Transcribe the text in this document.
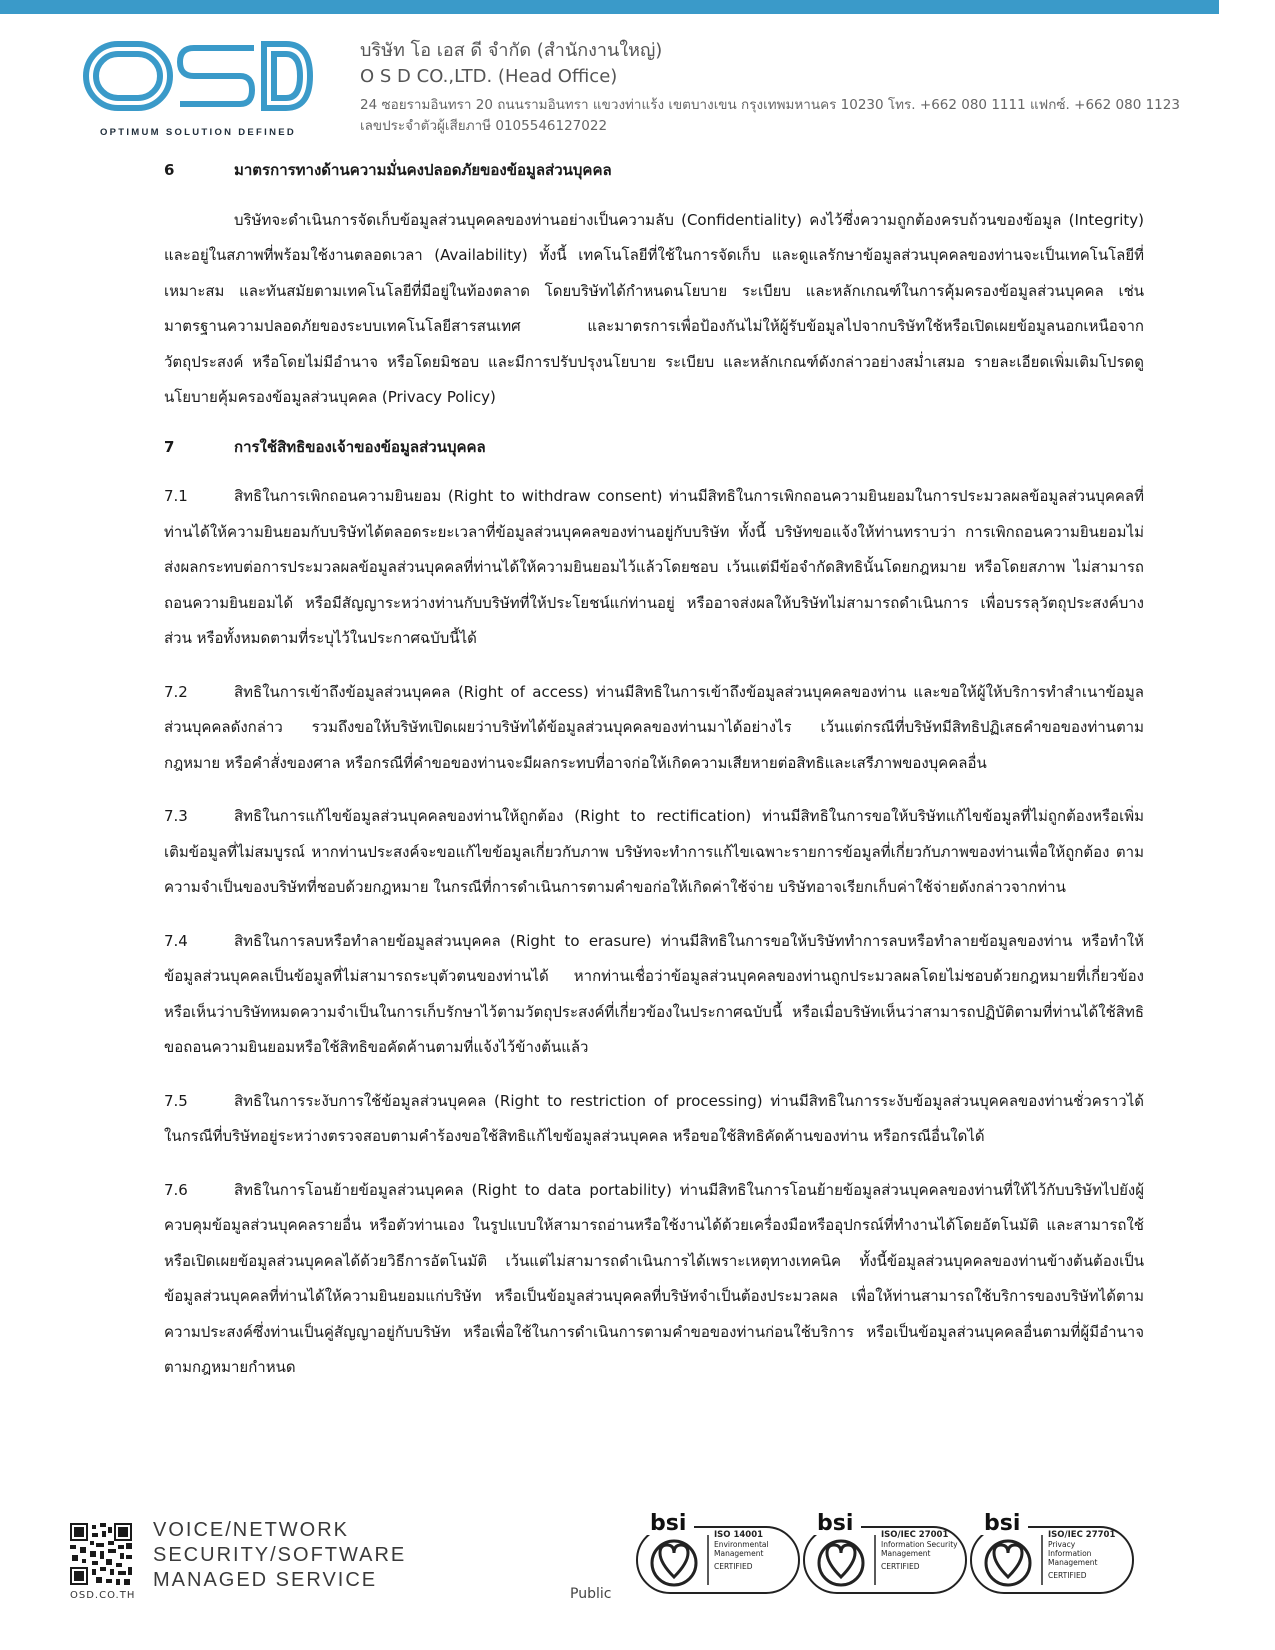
OPTIMUM SOLUTION DEFINED
บริษัท โอ เอส ดี จำกัด (สำนักงานใหญ่)
O S D CO.,LTD. (Head Office)
24 ซอยรามอินทรา 20 ถนนรามอินทรา แขวงท่าแร้ง เขตบางเขน กรุงเทพมหานคร 10230 โทร. +662 080 1111 แฟกซ์. +662 080 1123
เลขประจำตัวผู้เสียภาษี 0105546127022
6	มาตรการทางด้านความมั่นคงปลอดภัยของข้อมูลส่วนบุคคล

บริษัทจะดำเนินการจัดเก็บข้อมูลส่วนบุคคลของท่านอย่างเป็นความลับ (Confidentiality) คงไว้ซึ่งความถูกต้องครบถ้วนของข้อมูล (Integrity) และอยู่ในสภาพที่พร้อมใช้งานตลอดเวลา (Availability) ทั้งนี้ เทคโนโลยีที่ใช้ในการจัดเก็บ และดูแลรักษาข้อมูลส่วนบุคคลของท่านจะเป็นเทคโนโลยีที่เหมาะสม และทันสมัยตามเทคโนโลยีที่มีอยู่ในท้องตลาด โดยบริษัทได้กำหนดนโยบาย ระเบียบ และหลักเกณฑ์ในการคุ้มครองข้อมูลส่วนบุคคล เช่น มาตรฐานความปลอดภัยของระบบเทคโนโลยีสารสนเทศ และมาตรการเพื่อป้องกันไม่ให้ผู้รับข้อมูลไปจากบริษัทใช้หรือเปิดเผยข้อมูลนอกเหนือจากวัตถุประสงค์ หรือโดยไม่มีอำนาจ หรือโดยมิชอบ และมีการปรับปรุงนโยบาย ระเบียบ และหลักเกณฑ์ดังกล่าวอย่างสม่ำเสมอ รายละเอียดเพิ่มเติมโปรดดู นโยบายคุ้มครองข้อมูลส่วนบุคคล (Privacy Policy)

7	การใช้สิทธิของเจ้าของข้อมูลส่วนบุคคล
7.1	สิทธิในการเพิกถอนความยินยอม (Right to withdraw consent) ท่านมีสิทธิในการเพิกถอนความยินยอมในการประมวลผลข้อมูลส่วนบุคคลที่ท่านได้ให้ความยินยอมกับบริษัทได้ตลอดระยะเวลาที่ข้อมูลส่วนบุคคลของท่านอยู่กับบริษัท ทั้งนี้ บริษัทขอแจ้งให้ท่านทราบว่า การเพิกถอนความยินยอมไม่ส่งผลกระทบต่อการประมวลผลข้อมูลส่วนบุคคลที่ท่านได้ให้ความยินยอมไว้แล้วโดยชอบ เว้นแต่มีข้อจำกัดสิทธินั้นโดยกฎหมาย หรือโดยสภาพ ไม่สามารถถอนความยินยอมได้ หรือมีสัญญาระหว่างท่านกับบริษัทที่ให้ประโยชน์แก่ท่านอยู่ หรืออาจส่งผลให้บริษัทไม่สามารถดำเนินการ เพื่อบรรลุวัตถุประสงค์บางส่วน หรือทั้งหมดตามที่ระบุไว้ในประกาศฉบับนี้ได้

7.2	สิทธิในการเข้าถึงข้อมูลส่วนบุคคล (Right of access) ท่านมีสิทธิในการเข้าถึงข้อมูลส่วนบุคคลของท่าน และขอให้ผู้ให้บริการทำสำเนาข้อมูลส่วนบุคคลดังกล่าว รวมถึงขอให้บริษัทเปิดเผยว่าบริษัทได้ข้อมูลส่วนบุคคลของท่านมาได้อย่างไร เว้นแต่กรณีที่บริษัทมีสิทธิปฏิเสธคำขอของท่านตามกฎหมาย หรือคำสั่งของศาล หรือกรณีที่คำขอของท่านจะมีผลกระทบที่อาจก่อให้เกิดความเสียหายต่อสิทธิและเสรีภาพของบุคคลอื่น

7.3	สิทธิในการแก้ไขข้อมูลส่วนบุคคลของท่านให้ถูกต้อง (Right to rectification) ท่านมีสิทธิในการขอให้บริษัทแก้ไขข้อมูลที่ไม่ถูกต้องหรือเพิ่มเติมข้อมูลที่ไม่สมบูรณ์ หากท่านประสงค์จะขอแก้ไขข้อมูลเกี่ยวกับภาพ บริษัทจะทำการแก้ไขเฉพาะรายการข้อมูลที่เกี่ยวกับภาพของท่านเพื่อให้ถูกต้อง ตามความจำเป็นของบริษัทที่ชอบด้วยกฎหมาย ในกรณีที่การดำเนินการตามคำขอก่อให้เกิดค่าใช้จ่าย บริษัทอาจเรียกเก็บค่าใช้จ่ายดังกล่าวจากท่าน

7.4	สิทธิในการลบหรือทำลายข้อมูลส่วนบุคคล (Right to erasure) ท่านมีสิทธิในการขอให้บริษัททำการลบหรือทำลายข้อมูลของท่าน หรือทำให้ข้อมูลส่วนบุคคลเป็นข้อมูลที่ไม่สามารถระบุตัวตนของท่านได้ หากท่านเชื่อว่าข้อมูลส่วนบุคคลของท่านถูกประมวลผลโดยไม่ชอบด้วยกฎหมายที่เกี่ยวข้อง หรือเห็นว่าบริษัทหมดความจำเป็นในการเก็บรักษาไว้ตามวัตถุประสงค์ที่เกี่ยวข้องในประกาศฉบับนี้ หรือเมื่อบริษัทเห็นว่าสามารถปฏิบัติตามที่ท่านได้ใช้สิทธิขอถอนความยินยอมหรือใช้สิทธิขอคัดค้านตามที่แจ้งไว้ข้างต้นแล้ว

7.5	สิทธิในการระงับการใช้ข้อมูลส่วนบุคคล (Right to restriction of processing) ท่านมีสิทธิในการระงับข้อมูลส่วนบุคคลของท่านชั่วคราวได้ ในกรณีที่บริษัทอยู่ระหว่างตรวจสอบตามคำร้องขอใช้สิทธิแก้ไขข้อมูลส่วนบุคคล หรือขอใช้สิทธิคัดค้านของท่าน หรือกรณีอื่นใดได้

7.6	สิทธิในการโอนย้ายข้อมูลส่วนบุคคล (Right to data portability) ท่านมีสิทธิในการโอนย้ายข้อมูลส่วนบุคคลของท่านที่ให้ไว้กับบริษัทไปยังผู้ควบคุมข้อมูลส่วนบุคคลรายอื่น หรือตัวท่านเอง ในรูปแบบให้สามารถอ่านหรือใช้งานได้ด้วยเครื่องมือหรืออุปกรณ์ที่ทำงานได้โดยอัตโนมัติ และสามารถใช้หรือเปิดเผยข้อมูลส่วนบุคคลได้ด้วยวิธีการอัตโนมัติ เว้นแต่ไม่สามารถดำเนินการได้เพราะเหตุทางเทคนิค ทั้งนี้ข้อมูลส่วนบุคคลของท่านข้างต้นต้องเป็นข้อมูลส่วนบุคคลที่ท่านได้ให้ความยินยอมแก่บริษัท หรือเป็นข้อมูลส่วนบุคคลที่บริษัทจำเป็นต้องประมวลผล เพื่อให้ท่านสามารถใช้บริการของบริษัทได้ตามความประสงค์ซึ่งท่านเป็นคู่สัญญาอยู่กับบริษัท หรือเพื่อใช้ในการดำเนินการตามคำขอของท่านก่อนใช้บริการ หรือเป็นข้อมูลส่วนบุคคลอื่นตามที่ผู้มีอำนาจตามกฎหมายกำหนด

OSD.CO.TH
VOICE/NETWORK
SECURITY/SOFTWARE
MANAGED SERVICE
Public
bsi	ISO 14001
Environmental
Management
CERTIFIED
bsi	ISO/IEC 27001
Information Security
Management
CERTIFIED
bsi	ISO/IEC 27701
Privacy
Information
Management
CERTIFIED
